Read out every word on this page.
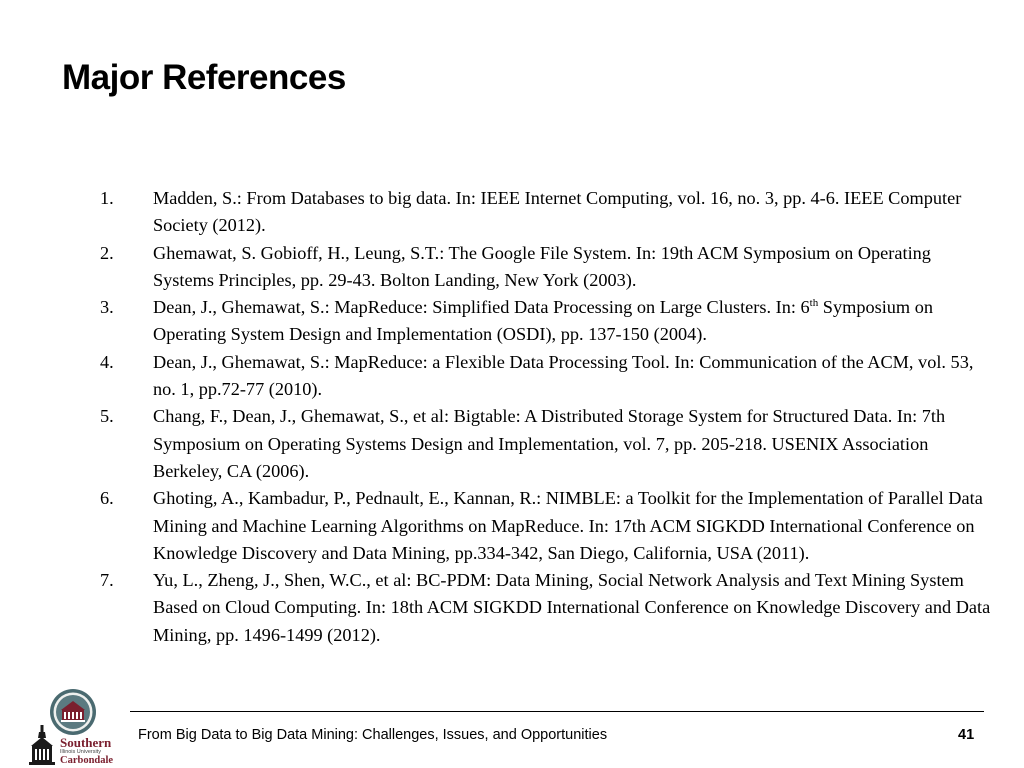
Major References
1. Madden, S.: From Databases to big data. In: IEEE Internet Computing, vol. 16, no. 3, pp. 4-6. IEEE Computer Society (2012).
2. Ghemawat, S. Gobioff, H., Leung, S.T.: The Google File System. In: 19th ACM Symposium on Operating Systems Principles, pp. 29-43. Bolton Landing, New York (2003).
3. Dean, J., Ghemawat, S.: MapReduce: Simplified Data Processing on Large Clusters. In: 6th Symposium on Operating System Design and Implementation (OSDI), pp. 137-150 (2004).
4. Dean, J., Ghemawat, S.: MapReduce: a Flexible Data Processing Tool. In: Communication of the ACM, vol. 53, no. 1, pp.72-77 (2010).
5. Chang, F., Dean, J., Ghemawat, S., et al: Bigtable: A Distributed Storage System for Structured Data. In: 7th Symposium on Operating Systems Design and Implementation, vol. 7, pp. 205-218. USENIX Association Berkeley, CA (2006).
6. Ghoting, A., Kambadur, P., Pednault, E., Kannan, R.: NIMBLE: a Toolkit for the Implementation of Parallel Data Mining and Machine Learning Algorithms on MapReduce. In: 17th ACM SIGKDD International Conference on Knowledge Discovery and Data Mining, pp.334-342, San Diego, California, USA (2011).
7. Yu, L., Zheng, J., Shen, W.C., et al: BC-PDM: Data Mining, Social Network Analysis and Text Mining System Based on Cloud Computing. In: 18th ACM SIGKDD International Conference on Knowledge Discovery and Data Mining, pp. 1496-1499 (2012).
Southern
Illinois University
Carbondale
From Big Data to Big Data Mining: Challenges, Issues, and Opportunities	41
